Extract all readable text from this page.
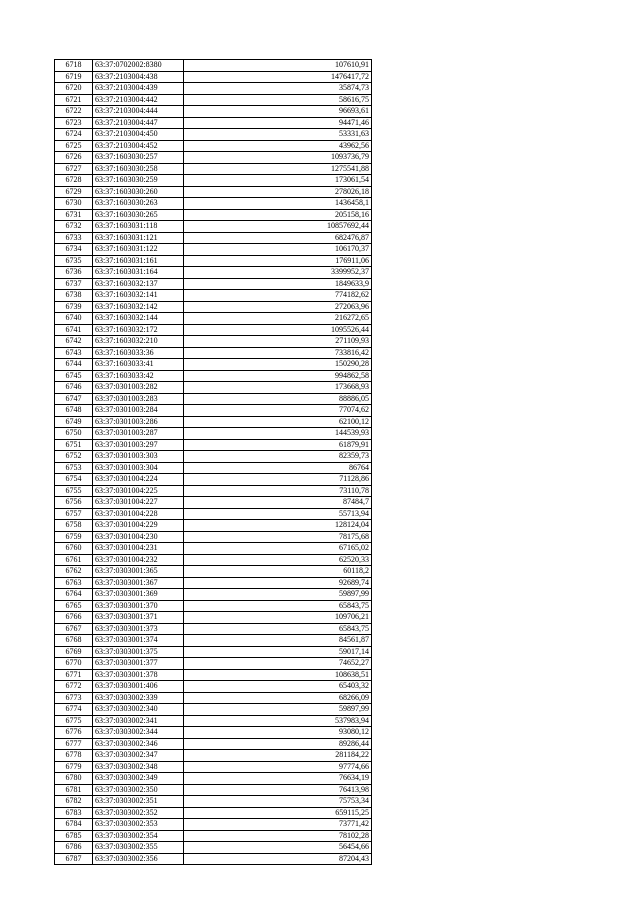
6718	63:37:0702002:8380	107610,91
6719	63:37:2103004:438	1476417,72
6720	63:37:2103004:439	35874,73
6721	63:37:2103004:442	58616,75
6722	63:37:2103004:444	96693,61
6723	63:37:2103004:447	94471,46
6724	63:37:2103004:450	53331,63
6725	63:37:2103004:452	43962,56
6726	63:37:1603030:257	1093736,79
6727	63:37:1603030:258	1275541,88
6728	63:37:1603030:259	173061,54
6729	63:37:1603030:260	278026,18
6730	63:37:1603030:263	1436458,1
6731	63:37:1603030:265	205158,16
6732	63:37:1603031:118	10857692,44
6733	63:37:1603031:121	682476,87
6734	63:37:1603031:122	106170,37
6735	63:37:1603031:161	176911,06
6736	63:37:1603031:164	3399952,37
6737	63:37:1603032:137	1849633,9
6738	63:37:1603032:141	774182,62
6739	63:37:1603032:142	272063,96
6740	63:37:1603032:144	216272,65
6741	63:37:1603032:172	1095526,44
6742	63:37:1603032:210	271109,93
6743	63:37:1603033:36	733816,42
6744	63:37:1603033:41	150290,28
6745	63:37:1603033:42	994862,58
6746	63:37:0301003:282	173668,93
6747	63:37:0301003:283	88886,05
6748	63:37:0301003:284	77074,62
6749	63:37:0301003:286	62100,12
6750	63:37:0301003:287	144539,93
6751	63:37:0301003:297	61879,91
6752	63:37:0301003:303	82359,73
6753	63:37:0301003:304	86764
6754	63:37:0301004:224	71128,86
6755	63:37:0301004:225	73110,78
6756	63:37:0301004:227	87484,7
6757	63:37:0301004:228	55713,94
6758	63:37:0301004:229	128124,04
6759	63:37:0301004:230	78175,68
6760	63:37:0301004:231	67165,02
6761	63:37:0301004:232	62520,33
6762	63:37:0303001:365	60118,2
6763	63:37:0303001:367	92689,74
6764	63:37:0303001:369	59897,99
6765	63:37:0303001:370	65843,75
6766	63:37:0303001:371	109706,21
6767	63:37:0303001:373	65843,75
6768	63:37:0303001:374	84561,87
6769	63:37:0303001:375	59017,14
6770	63:37:0303001:377	74652,27
6771	63:37:0303001:378	108638,51
6772	63:37:0303001:406	65403,32
6773	63:37:0303002:339	68266,09
6774	63:37:0303002:340	59897,99
6775	63:37:0303002:341	537983,94
6776	63:37:0303002:344	93080,12
6777	63:37:0303002:346	89286,44
6778	63:37:0303002:347	281184,22
6779	63:37:0303002:348	97774,66
6780	63:37:0303002:349	76634,19
6781	63:37:0303002:350	76413,98
6782	63:37:0303002:351	75753,34
6783	63:37:0303002:352	659115,25
6784	63:37:0303002:353	73771,42
6785	63:37:0303002:354	78102,28
6786	63:37:0303002:355	56454,66
6787	63:37:0303002:356	87204,43
